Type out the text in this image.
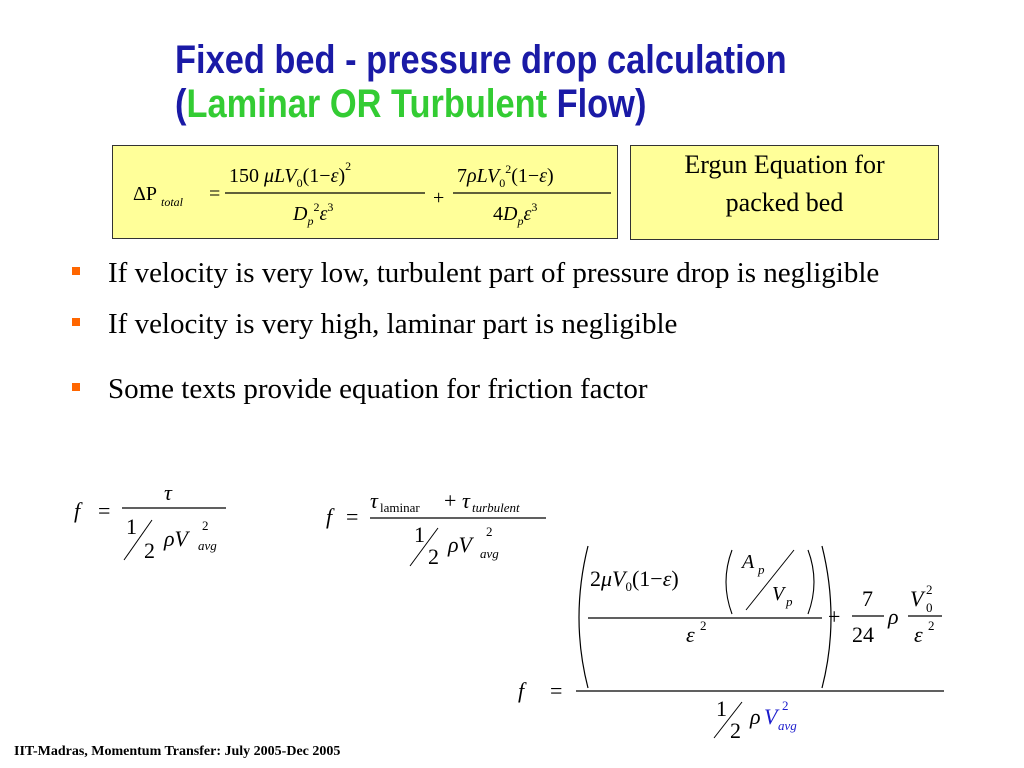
Fixed bed - pressure drop calculation
(Laminar OR Turbulent Flow)
ΔP total =
150 $\mu LV_0(1-\varepsilon)^2$
$D_p^2\varepsilon^3$	+
7ρLV$_0^2$(1−ε)
$4D_p\varepsilon^3$
Ergun Equation for
packed bed
If velocity is very low, turbulent part of pressure drop is negligible
If velocity is very high, laminar part is negligible
Some texts provide equation for friction factor
f =
τ
1
2 ρV
2
avg
f =
τ laminar + τ turbulent
1
2 ρV
2
avg
f =
$2\mu V_0(1-\varepsilon)$
A p
V p
ε 2	+
7
24
ρ
V 2
0
ε 2
1
2
ρ V 2
avg
IIT-Madras, Momentum Transfer: July 2005-Dec 2005
